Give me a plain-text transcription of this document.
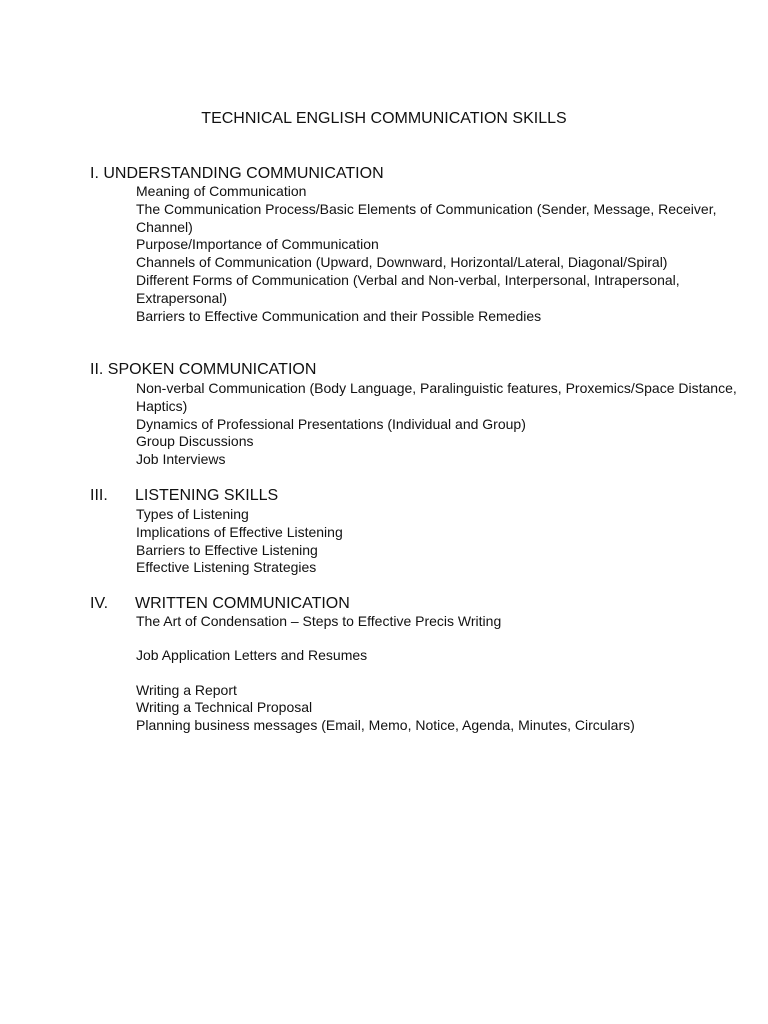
TECHNICAL ENGLISH COMMUNICATION SKILLS
I. UNDERSTANDING COMMUNICATION
Meaning of Communication
The Communication Process/Basic Elements of Communication (Sender, Message, Receiver, Channel)
Purpose/Importance of Communication
Channels of Communication (Upward, Downward, Horizontal/Lateral, Diagonal/Spiral)
Different Forms of Communication (Verbal and Non-verbal, Interpersonal, Intrapersonal, Extrapersonal)
Barriers to Effective Communication and their Possible Remedies
II. SPOKEN COMMUNICATION
Non-verbal Communication (Body Language, Paralinguistic features, Proxemics/Space Distance, Haptics)
Dynamics of Professional Presentations (Individual and Group)
Group Discussions
Job Interviews
III. LISTENING SKILLS
Types of Listening
Implications of Effective Listening
Barriers to Effective Listening
Effective Listening Strategies
IV. WRITTEN COMMUNICATION
The Art of Condensation – Steps to Effective Precis Writing
Job Application Letters and Resumes
Writing a Report
Writing a Technical Proposal
Planning business messages (Email, Memo, Notice, Agenda, Minutes, Circulars)
